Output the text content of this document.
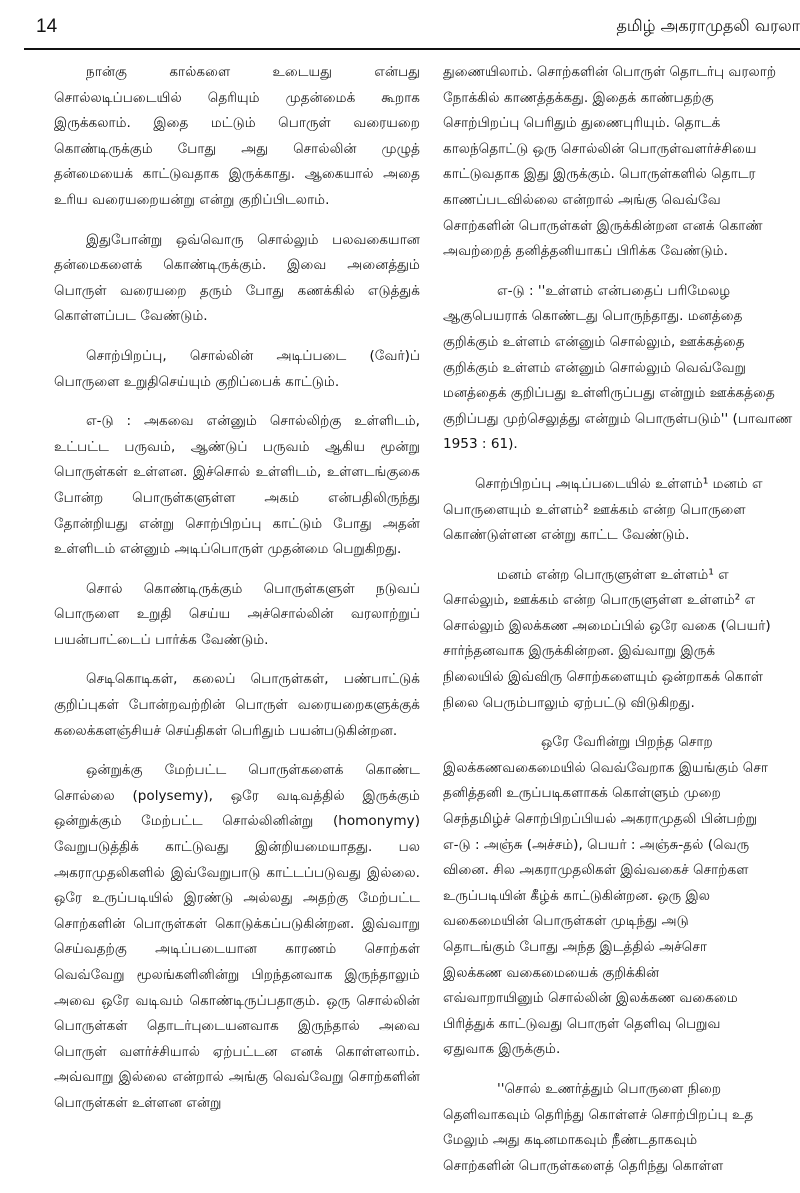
14	தமிழ் அகராமுதலி வரலா

நான்கு கால்களை உடையது என்பது சொல்லடிப்படையில் தெரியும் முதன்மைக் கூறாக இருக்கலாம். இதை மட்டும் பொருள் வரையறை கொண்டிருக்கும் போது அது சொல்லின் முழுத் தன்மையைக் காட்டுவதாக இருக்காது. ஆகையால் அதை உரிய வரையறையன்று என்று குறிப்பிடலாம்.

இதுபோன்று ஒவ்வொரு சொல்லும் பலவகையான தன்மைகளைக் கொண்டிருக்கும். இவை அனைத்தும் பொருள் வரையறை தரும் போது கணக்கில் எடுத்துக் கொள்ளப்பட வேண்டும்.

சொற்பிறப்பு, சொல்லின் அடிப்படை (வேர்)ப் பொருளை உறுதிசெய்யும் குறிப்பைக் காட்டும்.

எ-டு : அகவை என்னும் சொல்லிற்கு உள்ளிடம், உட்பட்ட பருவம், ஆண்டுப் பருவம் ஆகிய மூன்று பொருள்கள் உள்ளன. இச்சொல் உள்ளிடம், உள்ளடங்குகை போன்ற பொருள்களுள்ள அகம் என்பதிலிருந்து தோன்றியது என்று சொற்பிறப்பு காட்டும் போது அதன் உள்ளிடம் என்னும் அடிப்பொருள் முதன்மை பெறுகிறது.

சொல் கொண்டிருக்கும் பொருள்களுள் நடுவப் பொருளை உறுதி செய்ய அச்சொல்லின் வரலாற்றுப் பயன்பாட்டைப் பார்க்க வேண்டும்.

செடிகொடிகள், கலைப் பொருள்கள், பண்பாட்டுக் குறிப்புகள் போன்றவற்றின் பொருள் வரையறைகளுக்குக் கலைக்களஞ்சியச் செய்திகள் பெரிதும் பயன்படுகின்றன.

ஒன்றுக்கு மேற்பட்ட பொருள்களைக் கொண்ட சொல்லை (polysemy), ஒரே வடிவத்தில் இருக்கும் ஒன்றுக்கும் மேற்பட்ட சொல்லினின்று (homonymy) வேறுபடுத்திக் காட்டுவது இன்றியமையாதது. பல அகராமுதலிகளில் இவ்வேறுபாடு காட்டப்படுவது இல்லை. ஒரே உருப்படியில் இரண்டு அல்லது அதற்கு மேற்பட்ட சொற்களின் பொருள்கள் கொடுக்கப்படுகின்றன. இவ்வாறு செய்வதற்கு அடிப்படையான காரணம் சொற்கள் வெவ்வேறு மூலங்களினின்று பிறந்தனவாக இருந்தாலும் அவை ஒரே வடிவம் கொண்டிருப்பதாகும். ஒரு சொல்லின் பொருள்கள் தொடர்புடையனவாக இருந்தால் அவை பொருள் வளர்ச்சியால் ஏற்பட்டன எனக் கொள்ளலாம். அவ்வாறு இல்லை என்றால் அங்கு வெவ்வேறு சொற்களின் பொருள்கள் உள்ளன என்று

துணையிலாம். சொற்களின் பொருள் தொடர்பு வரலாற்
நோக்கில் காணத்தக்கது. இதைக் காண்பதற்கு
சொற்பிறப்பு பெரிதும் துணைபுரியும். தொடக்
காலந்தொட்டு ஒரு சொல்லின் பொருள்வளர்ச்சியை
காட்டுவதாக இது இருக்கும். பொருள்களில் தொடர
காணப்படவில்லை என்றால் அங்கு வெவ்வே
சொற்களின் பொருள்கள் இருக்கின்றன எனக் கொண்
அவற்றைத் தனித்தனியாகப் பிரிக்க வேண்டும்.
எ-டு : ''உள்ளம் என்பதைப் பரிமேலழ
ஆகுபெயராக் கொண்டது பொருந்தாது. மனத்தை
குறிக்கும் உள்ளம் என்னும் சொல்லும், ஊக்கத்தை
குறிக்கும் உள்ளம் என்னும் சொல்லும் வெவ்வேறு
மனத்தைக் குறிப்பது உள்ளிருப்பது என்றும் ஊக்கத்தை
குறிப்பது முற்செலுத்து என்றும் பொருள்படும்'' (பாவாண
1953 : 61).
சொற்பிறப்பு அடிப்படையில் உள்ளம்¹ மனம் எ
பொருளையும் உள்ளம்² ஊக்கம் என்ற பொருளை
கொண்டுள்ளன என்று காட்ட வேண்டும்.
மனம் என்ற பொருளுள்ள உள்ளம்¹ எ
சொல்லும், ஊக்கம் என்ற பொருளுள்ள உள்ளம்² எ
சொல்லும் இலக்கண அமைப்பில் ஒரே வகை (பெயர்)
சார்ந்தனவாக இருக்கின்றன. இவ்வாறு இருக்
நிலையில் இவ்விரு சொற்களையும் ஒன்றாகக் கொள்
நிலை பெரும்பாலும் ஏற்பட்டு விடுகிறது.
ஒரே வேரின்று பிறந்த சொற
இலக்கணவகைமையில் வெவ்வேறாக இயங்கும் சொ
தனித்தனி உருப்படிகளாகக் கொள்ளும் முறை
செந்தமிழ்ச் சொற்பிறப்பியல் அகராமுதலி பின்பற்று
எ-டு : அஞ்சு (அச்சம்), பெயர் : அஞ்சு-தல் (வெரு
வினை. சில அகராமுதலிகள் இவ்வகைச் சொற்கள
உருப்படியின் கீழ்க் காட்டுகின்றன. ஒரு இல
வகைமையின் பொருள்கள் முடிந்து அடு
தொடங்கும் போது அந்த இடத்தில் அச்சொ
இலக்கண வகைமையைக் குறிக்கின்
எவ்வாறாயினும் சொல்லின் இலக்கண வகைமை
பிரித்துக் காட்டுவது பொருள் தெளிவு பெறுவ
ஏதுவாக இருக்கும்.
''சொல் உணர்த்தும் பொருளை நிறை
தெளிவாகவும் தெரிந்து கொள்ளச் சொற்பிறப்பு உத
மேலும் அது கடினமாகவும் நீண்டதாகவும்
சொற்களின் பொருள்களைத் தெரிந்து கொள்ள
